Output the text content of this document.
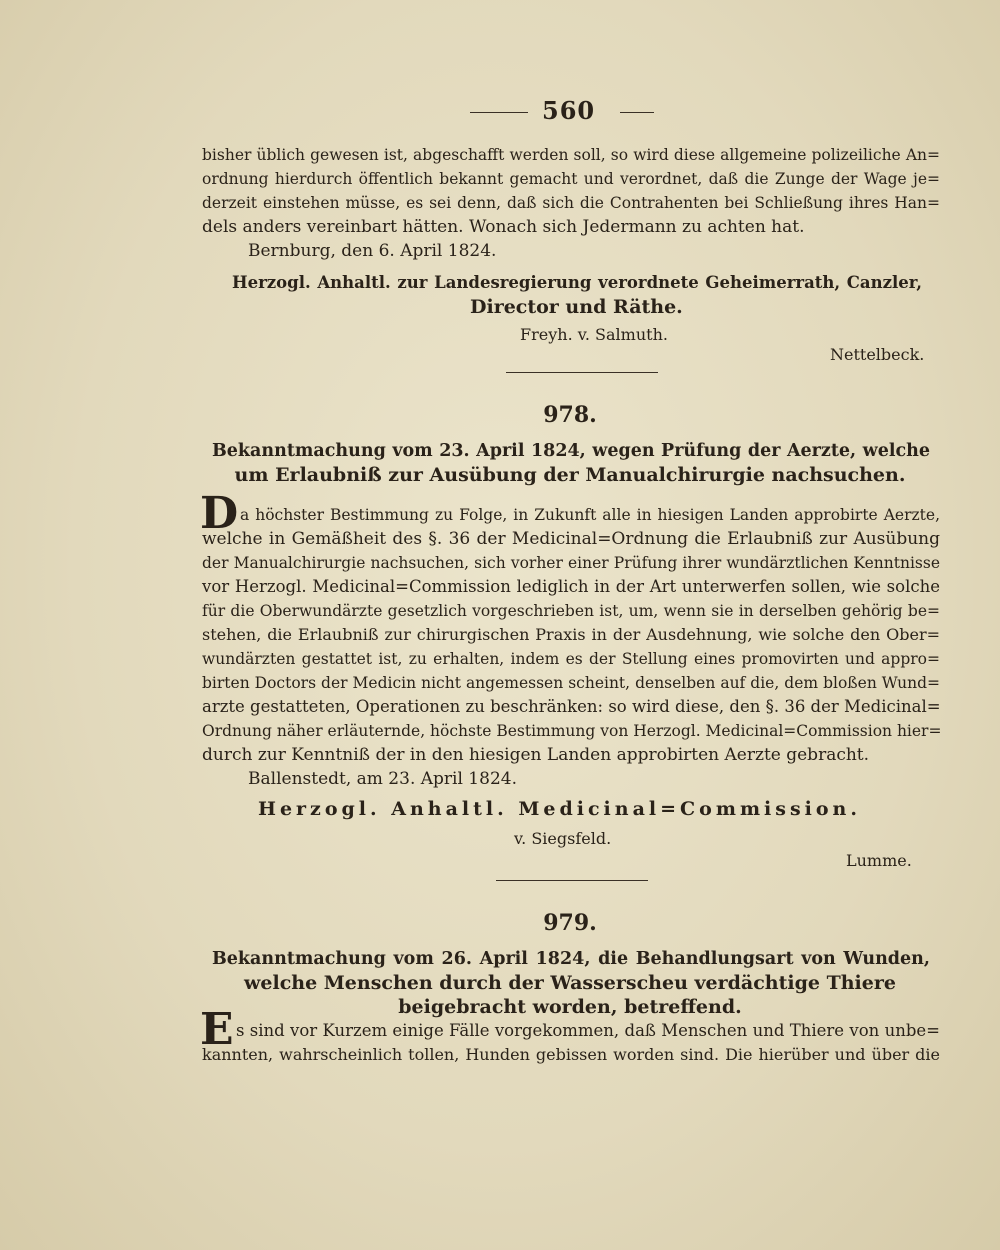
560
bisher üblich gewesen ist, abgeschafft werden soll, so wird diese allgemeine polizeiliche An=
ordnung hierdurch öffentlich bekannt gemacht und verordnet, daß die Zunge der Wage je=
derzeit einstehen müsse, es sei denn, daß sich die Contrahenten bei Schließung ihres Han=
dels anders vereinbart hätten. Wonach sich Jedermann zu achten hat.
Bernburg, den 6. April 1824.
Herzogl. Anhaltl. zur Landesregierung verordnete Geheimerrath, Canzler,
Director und Räthe.
Freyh. v. Salmuth.
Nettelbeck.
978.
Bekanntmachung vom 23. April 1824, wegen Prüfung der Aerzte, welche
um Erlaubniß zur Ausübung der Manualchirurgie nachsuchen.
D a höchster Bestimmung zu Folge, in Zukunft alle in hiesigen Landen approbirte Aerzte,
welche in Gemäßheit des §. 36 der Medicinal=Ordnung die Erlaubniß zur Ausübung
der Manualchirurgie nachsuchen, sich vorher einer Prüfung ihrer wundärztlichen Kenntnisse
vor Herzogl. Medicinal=Commission lediglich in der Art unterwerfen sollen, wie solche
für die Oberwundärzte gesetzlich vorgeschrieben ist, um, wenn sie in derselben gehörig be=
stehen, die Erlaubniß zur chirurgischen Praxis in der Ausdehnung, wie solche den Ober=
wundärzten gestattet ist, zu erhalten, indem es der Stellung eines promovirten und appro=
birten Doctors der Medicin nicht angemessen scheint, denselben auf die, dem bloßen Wund=
arzte gestatteten, Operationen zu beschränken: so wird diese, den §. 36 der Medicinal=
Ordnung näher erläuternde, höchste Bestimmung von Herzogl. Medicinal=Commission hier=
durch zur Kenntniß der in den hiesigen Landen approbirten Aerzte gebracht.
Ballenstedt, am 23. April 1824.
Herzogl. Anhaltl. Medicinal=Commission.
v. Siegsfeld.
Lumme.
979.
Bekanntmachung vom 26. April 1824, die Behandlungsart von Wunden,
welche Menschen durch der Wasserscheu verdächtige Thiere
beigebracht worden, betreffend.
E s sind vor Kurzem einige Fälle vorgekommen, daß Menschen und Thiere von unbe=
kannten, wahrscheinlich tollen, Hunden gebissen worden sind. Die hierüber und über die
